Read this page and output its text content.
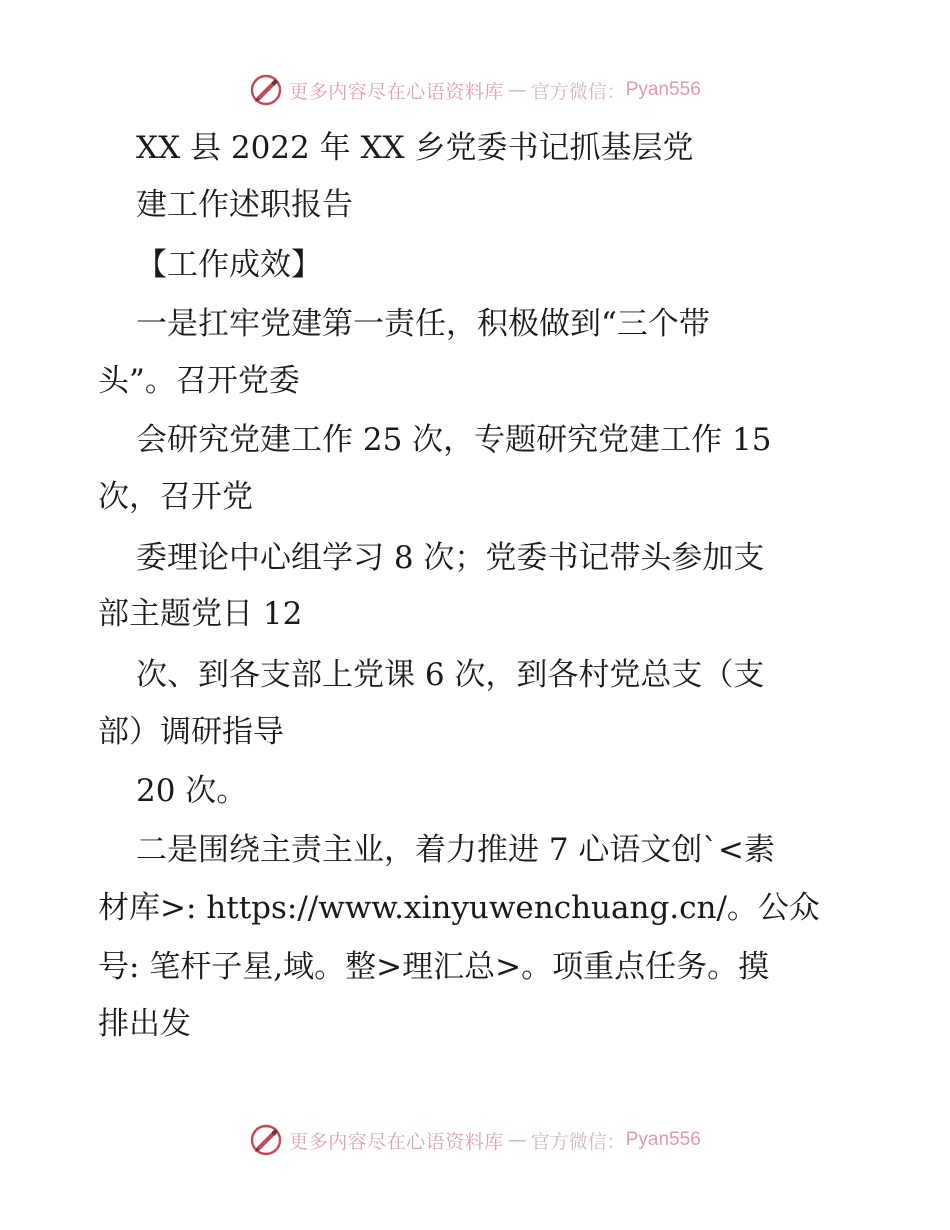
更多内容尽在心语资料库 — 官方微信： Pyan556
XX 县 2022 年 XX 乡党委书记抓基层党
建工作述职报告
【工作成效】
一是扛牢党建第一责任，积极做到“三个带
头”。召开党委
会研究党建工作 25 次，专题研究党建工作 15
次，召开党
委理论中心组学习 8 次；党委书记带头参加支
部主题党日 12
次、到各支部上党课 6 次，到各村党总支（支
部）调研指导
20 次。
二是围绕主责主业，着力推进 7 心语文创`<素
材库>: https://www.xinyuwenchuang.cn/。公众
号: 笔杆子星,域。整>理汇总>。项重点任务。摸
排出发
更多内容尽在心语资料库 — 官方微信： Pyan556
